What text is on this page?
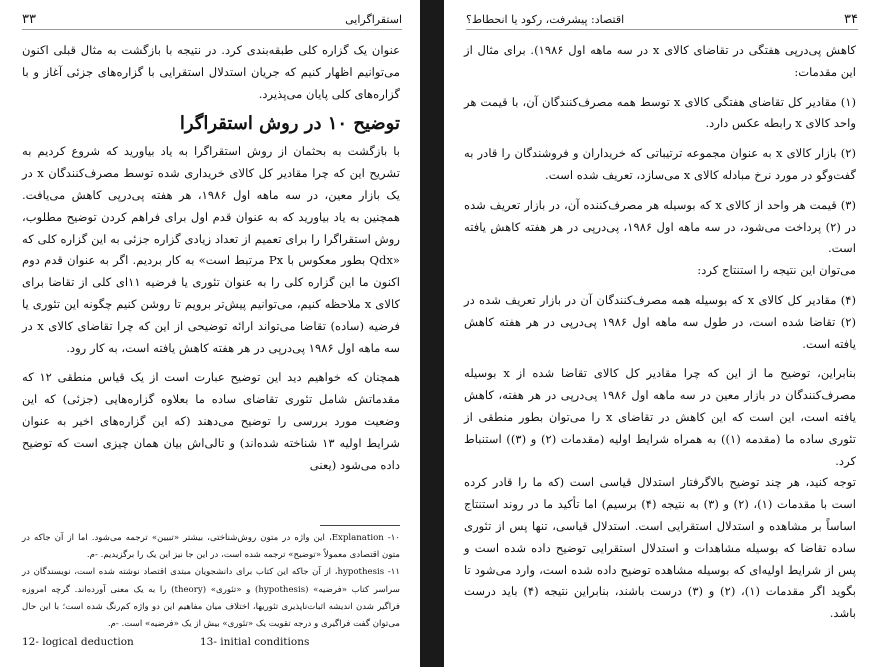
۳۳	استقراگرایی

عنوان یک گزاره کلی طبقه‌بندی کرد. در نتیجه با بازگشت به مثال قبلی اکنون می‌توانیم اظهار کنیم که جریان استدلال استقرایی با گزاره‌های جزئی آغاز و با گزاره‌های کلی پایان می‌پذیرد.

توضیح ۱۰ در روش استقراگرا

با بازگشت به بحثمان از روش استقراگرا به یاد بیاورید که شروع کردیم به تشریح این که چرا مقادیر کل کالای خریداری شده توسط مصرف‌کنندگان x در یک بازار معین، در سه ماهه اول ۱۹۸۶، هر هفته پی‌درپی کاهش می‌یافت. همچنین به یاد بیاورید که به عنوان قدم اول برای فراهم کردن توضیح مطلوب، روش استقراگرا را برای تعمیم از تعداد زیادی گزاره جزئی به این گزاره کلی که «Qdx بطور معکوس با Px مرتبط است» به کار بردیم. اگر به عنوان قدم دوم اکنون ما این گزاره کلی را به عنوان تئوری یا فرضیه ۱۱ای کلی از تقاضا برای کالای x ملاحظه کنیم، می‌توانیم پیش‌تر برویم تا روشن کنیم چگونه این تئوری یا فرضیه (ساده) تقاضا می‌تواند ارائه توضیحی از این که چرا تقاضای کالای x در سه ماهه اول ۱۹۸۶ پی‌درپی در هر هفته کاهش یافته است، به کار رود.

همچنان که خواهیم دید این توضیح عبارت است از یک قیاس منطقی ۱۲ که مقدماتش شامل تئوری تقاضای ساده ما بعلاوه گزاره‌هایی (جزئی) که این وضعیت مورد بررسی را توضیح می‌دهند (که این گزاره‌های اخیر به عنوان شرایط اولیه ۱۳ شناخته شده‌اند) و تالی‌اش بیان همان چیزی است که توضیح داده می‌شود (یعنی

۱۰- Explanation، این واژه در متون روش‌شناختی، بیشتر «تبیین» ترجمه می‌شود. اما از آن جاکه در متون اقتصادی معمولاً «توضیح» ترجمه شده است، در این جا نیز این یک را برگزیدیم. -م.

۱۱- hypothesis، از آن جاکه این کتاب برای دانشجویان مبتدی اقتصاد نوشته شده است، نویسندگان در سراسر کتاب «فرضیه» (hypothesis) و «تئوری» (theory) را به یک معنی آورده‌اند. گرچه امروزه فراگیر شدن اندیشه اثبات‌ناپذیری تئوریها، اختلاف میان مفاهیم این دو واژه کم‌رنگ شده است؛ با این حال می‌توان گفت فراگیری و درجه تقویت یک «تئوری» بیش از یک «فرضیه» است. -م.

12- logical deduction	13- initial conditions
اقتصاد: پیشرفت، رکود یا انحطاط؟	۳۴

کاهش پی‌درپی هفتگی در تقاضای کالای x در سه ماهه اول ۱۹۸۶). برای مثال از این مقدمات:

(۱) مقادیر کل تقاضای هفتگی کالای x توسط همه مصرف‌کنندگان آن، با قیمت هر واحد کالای x رابطه عکس دارد.

(۲) بازار کالای x به عنوان مجموعه ترتیباتی که خریداران و فروشندگان را قادر به گفت‌وگو در مورد نرخ مبادله کالای x می‌سازد، تعریف شده است.

(۳) قیمت هر واحد از کالای x که بوسیله هر مصرف‌کننده آن، در بازار تعریف شده در (۲) پرداخت می‌شود، در سه ماهه اول ۱۹۸۶، پی‌درپی در هر هفته کاهش یافته است.

می‌توان این نتیجه را استنتاج کرد:

(۴) مقادیر کل کالای x که بوسیله همه مصرف‌کنندگان آن در بازار تعریف شده در (۲) تقاضا شده است، در طول سه ماهه اول ۱۹۸۶ پی‌درپی در هر هفته کاهش یافته است.

بنابراین، توضیح ما از این که چرا مقادیر کل کالای تقاضا شده از x بوسیله مصرف‌کنندگان در بازار معین در سه ماهه اول ۱۹۸۶ پی‌درپی در هر هفته، کاهش یافته است، این است که این کاهش در تقاضای x را می‌توان بطور منطقی از تئوری ساده ما (مقدمه (۱)) به همراه شرایط اولیه (مقدمات (۲) و (۳)) استنباط کرد.

توجه کنید، هر چند توضیح بالاگرفتار استدلال قیاسی است (که ما را قادر کرده است با مقدمات (۱)، (۲) و (۳) به نتیجه (۴) برسیم) اما تأکید ما در روند استنتاج اساساً بر مشاهده و استدلال استقرایی است. استدلال قیاسی، تنها پس از تئوری ساده تقاضا که بوسیله مشاهدات و استدلال استقرایی توضیح داده شده است و پس از شرایط اولیه‌ای که بوسیله مشاهده توضیح داده شده است، وارد می‌شود تا بگوید اگر مقدمات (۱)، (۲) و (۳) درست باشند، بنابراین نتیجه (۴) باید درست باشد.
